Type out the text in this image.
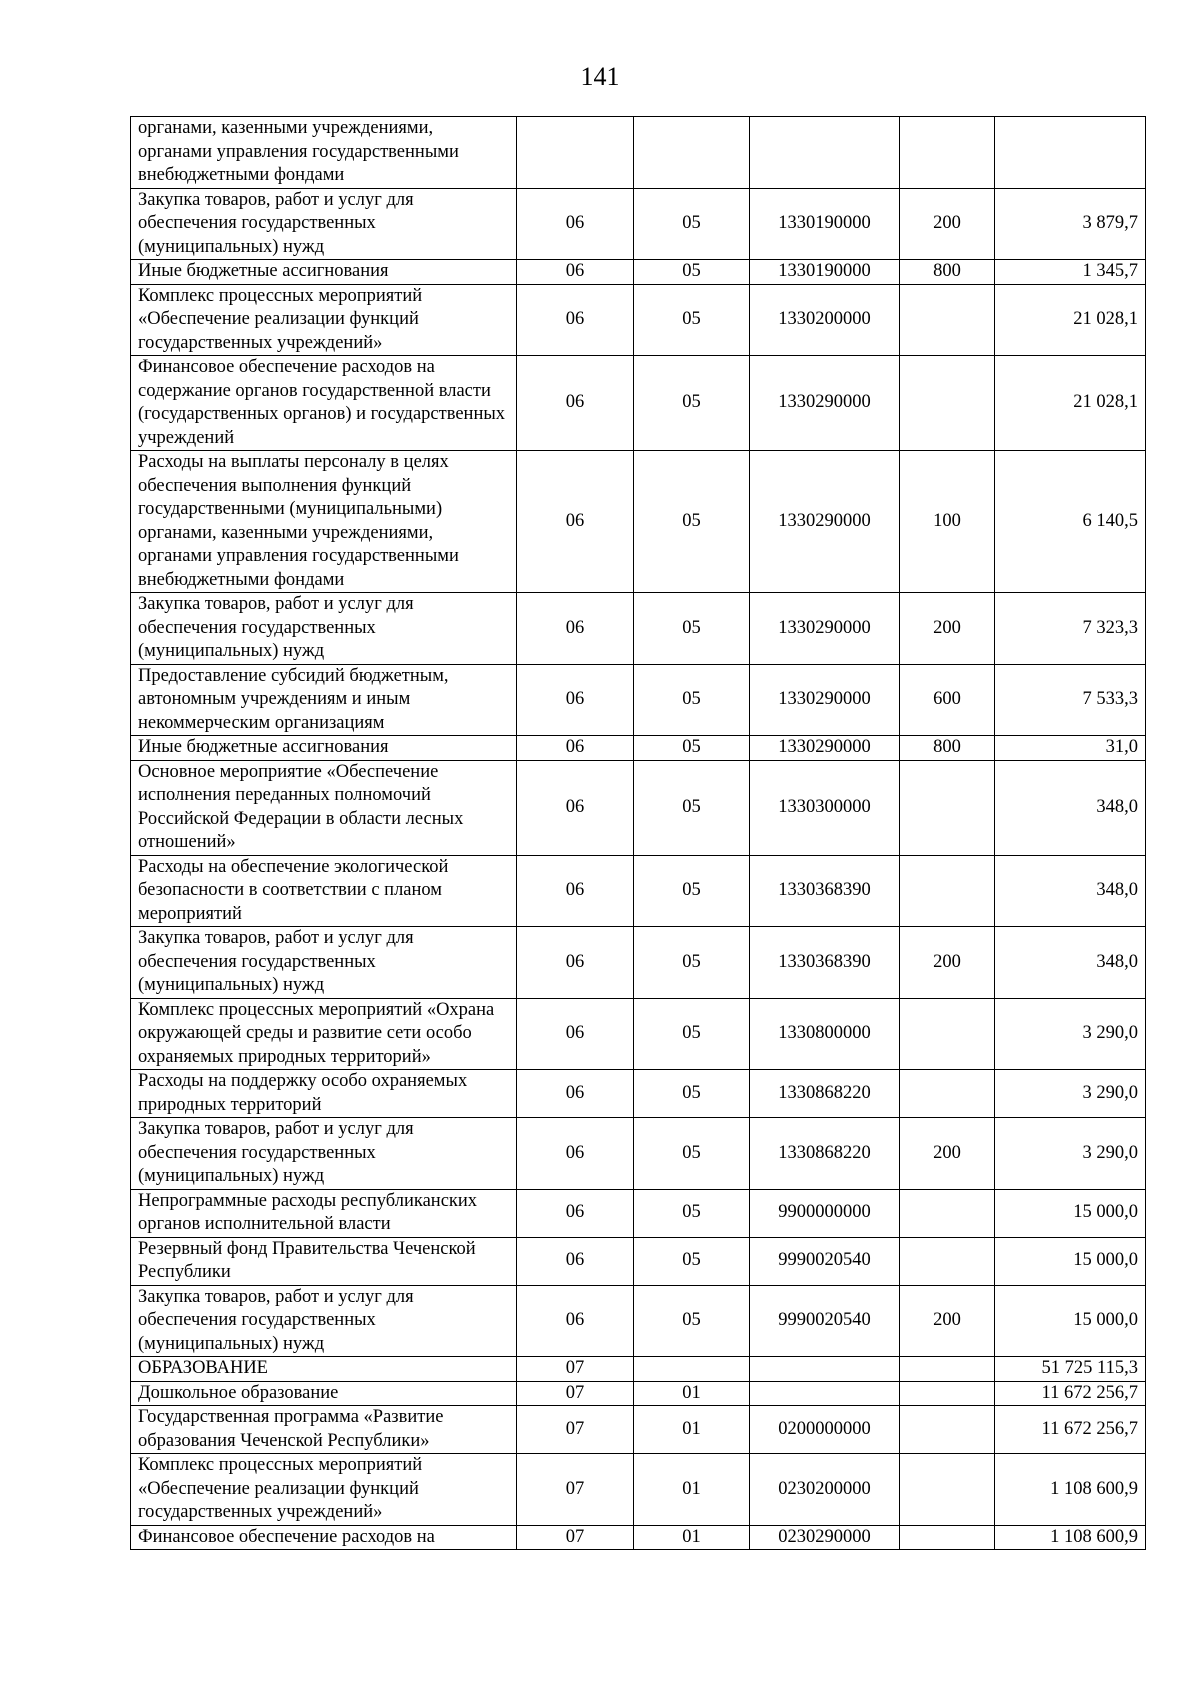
141
органами, казенными учреждениями, органами управления государственными внебюджетными фондами					
Закупка товаров, работ и услуг для обеспечения государственных (муниципальных) нужд	06	05	1330190000	200	3 879,7
Иные бюджетные ассигнования	06	05	1330190000	800	1 345,7
Комплекс процессных мероприятий «Обеспечение реализации функций государственных учреждений»	06	05	1330200000		21 028,1
Финансовое обеспечение расходов на содержание органов государственной власти (государственных органов) и государственных учреждений	06	05	1330290000		21 028,1
Расходы на выплаты персоналу в целях обеспечения выполнения функций государственными (муниципальными) органами, казенными учреждениями, органами управления государственными внебюджетными фондами	06	05	1330290000	100	6 140,5
Закупка товаров, работ и услуг для обеспечения государственных (муниципальных) нужд	06	05	1330290000	200	7 323,3
Предоставление субсидий бюджетным, автономным учреждениям и иным некоммерческим организациям	06	05	1330290000	600	7 533,3
Иные бюджетные ассигнования	06	05	1330290000	800	31,0
Основное мероприятие «Обеспечение исполнения переданных полномочий Российской Федерации в области лесных отношений»	06	05	1330300000		348,0
Расходы на обеспечение экологической безопасности в соответствии с планом мероприятий	06	05	1330368390		348,0
Закупка товаров, работ и услуг для обеспечения государственных (муниципальных) нужд	06	05	1330368390	200	348,0
Комплекс процессных мероприятий «Охрана окружающей среды и развитие сети особо охраняемых природных территорий»	06	05	1330800000		3 290,0
Расходы на поддержку особо охраняемых природных территорий	06	05	1330868220		3 290,0
Закупка товаров, работ и услуг для обеспечения государственных (муниципальных) нужд	06	05	1330868220	200	3 290,0
Непрограммные расходы республиканских органов исполнительной власти	06	05	9900000000		15 000,0
Резервный фонд Правительства Чеченской Республики	06	05	9990020540		15 000,0
Закупка товаров, работ и услуг для обеспечения государственных (муниципальных) нужд	06	05	9990020540	200	15 000,0
ОБРАЗОВАНИЕ	07				51 725 115,3
Дошкольное образование	07	01			11 672 256,7
Государственная программа «Развитие образования Чеченской Республики»	07	01	0200000000		11 672 256,7
Комплекс процессных мероприятий «Обеспечение реализации функций государственных учреждений»	07	01	0230200000		1 108 600,9
Финансовое обеспечение расходов на	07	01	0230290000		1 108 600,9
